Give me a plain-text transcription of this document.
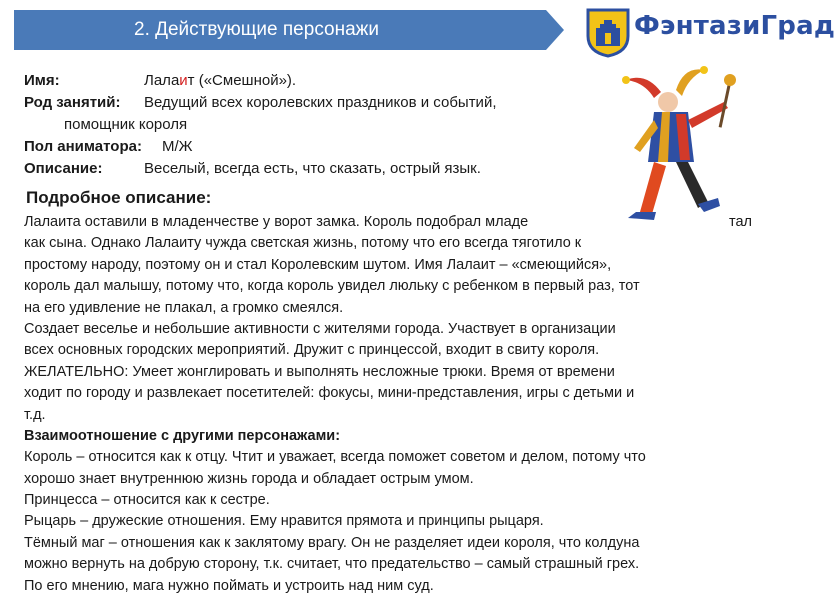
2. Действующие персонажи	ФэнтазиГрад
Имя:	Лалаит («Смешной»).
Род занятий: Ведущий всех королевских праздников и событий,
помощник короля
Пол аниматора: М/Ж
Описание:	Веселый, всегда есть, что сказать, острый язык.
Подробное описание:
Лалаита оставили в младенчестве у ворот замка. Король подобрал младе	тал
как сына. Однако Лалаиту чужда светская жизнь, потому что его всегда тяготило к
простому народу, поэтому он и стал Королевским шутом. Имя Лалаит – «смеющийся»,
король дал малышу, потому что, когда король увидел люльку с ребенком в первый раз, тот
на его удивление не плакал, а громко смеялся.
Создает веселье и небольшие активности с жителями города. Участвует в организации
всех основных городских мероприятий. Дружит с принцессой, входит в свиту короля.
ЖЕЛАТЕЛЬНО: Умеет жонглировать и выполнять несложные трюки. Время от времени
ходит по городу и развлекает посетителей: фокусы, мини-представления, игры с детьми и
т.д.
Взаимоотношение с другими персонажами:
Король – относится как к отцу. Чтит и уважает, всегда поможет советом и делом, потому что
хорошо знает внутреннюю жизнь города и обладает острым умом.
Принцесса – относится как к сестре.
Рыцарь – дружеские отношения. Ему нравится прямота и принципы рыцаря.
Тёмный маг – отношения как к заклятому врагу. Он не разделяет идеи короля, что колдуна
можно вернуть на добрую сторону, т.к. считает, что предательство – самый страшный грех.
По его мнению, мага нужно поймать и устроить над ним суд.
